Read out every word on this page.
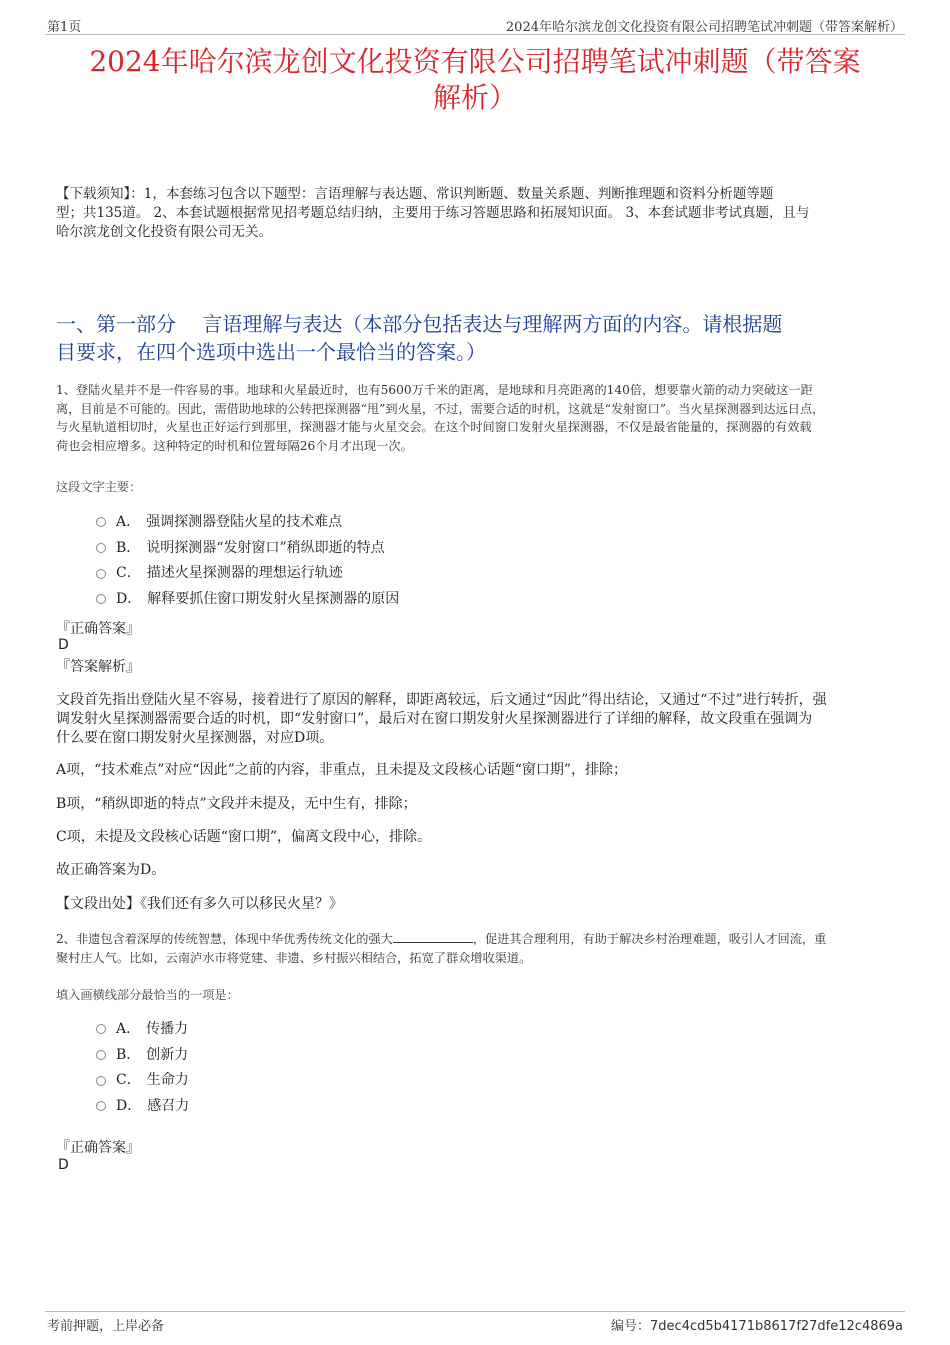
第1页	2024年哈尔滨龙创文化投资有限公司招聘笔试冲刺题（带答案解析）
2024年哈尔滨龙创文化投资有限公司招聘笔试冲刺题（带答案
解析）
【下载须知】：1，本套练习包含以下题型：言语理解与表达题、常识判断题、数量关系题、判断推理题和资料分析题等题
型；共135道。 2、本套试题根据常见招考题总结归纳，主要用于练习答题思路和拓展知识面。 3、本套试题非考试真题，且与
哈尔滨龙创文化投资有限公司无关。
一、第一部分　 言语理解与表达（本部分包括表达与理解两方面的内容。请根据题
目要求，在四个选项中选出一个最恰当的答案。）
1、登陆火星并不是一件容易的事。地球和火星最近时，也有5600万千米的距离，是地球和月亮距离的140倍，想要靠火箭的动力突破这一距
离，目前是不可能的。因此，需借助地球的公转把探测器“甩”到火星，不过，需要合适的时机，这就是“发射窗口”。当火星探测器到达远日点，
与火星轨道相切时，火星也正好运行到那里，探测器才能与火星交会。在这个时间窗口发射火星探测器，不仅是最省能量的，探测器的有效载
荷也会相应增多。这种特定的时机和位置每隔26个月才出现一次。
这段文字主要：
A． 强调探测器登陆火星的技术难点
B． 说明探测器“发射窗口”稍纵即逝的特点
C． 描述火星探测器的理想运行轨迹
D． 解释要抓住窗口期发射火星探测器的原因
『正确答案』
D
『答案解析』
文段首先指出登陆火星不容易，接着进行了原因的解释，即距离较远，后文通过“因此”得出结论，又通过“不过”进行转折，强
调发射火星探测器需要合适的时机，即“发射窗口”，最后对在窗口期发射火星探测器进行了详细的解释，故文段重在强调为
什么要在窗口期发射火星探测器，对应D项。
A项，“技术难点”对应“因此”之前的内容，非重点，且未提及文段核心话题“窗口期”，排除；
B项，“稍纵即逝的特点”文段并未提及，无中生有，排除；
C项，未提及文段核心话题“窗口期”，偏离文段中心，排除。
故正确答案为D。
【文段出处】《我们还有多久可以移民火星？》
2、非遗包含着深厚的传统智慧，体现中华优秀传统文化的强大	，促进其合理利用，有助于解决乡村治理难题，吸引人才回流，重
聚村庄人气。比如，云南泸水市将党建、非遗、乡村振兴相结合，拓宽了群众增收渠道。
填入画横线部分最恰当的一项是：
A． 传播力
B． 创新力
C． 生命力
D． 感召力
『正确答案』
D
考前押题，上岸必备	编号：7dec4cd5b4171b8617f27dfe12c4869a
